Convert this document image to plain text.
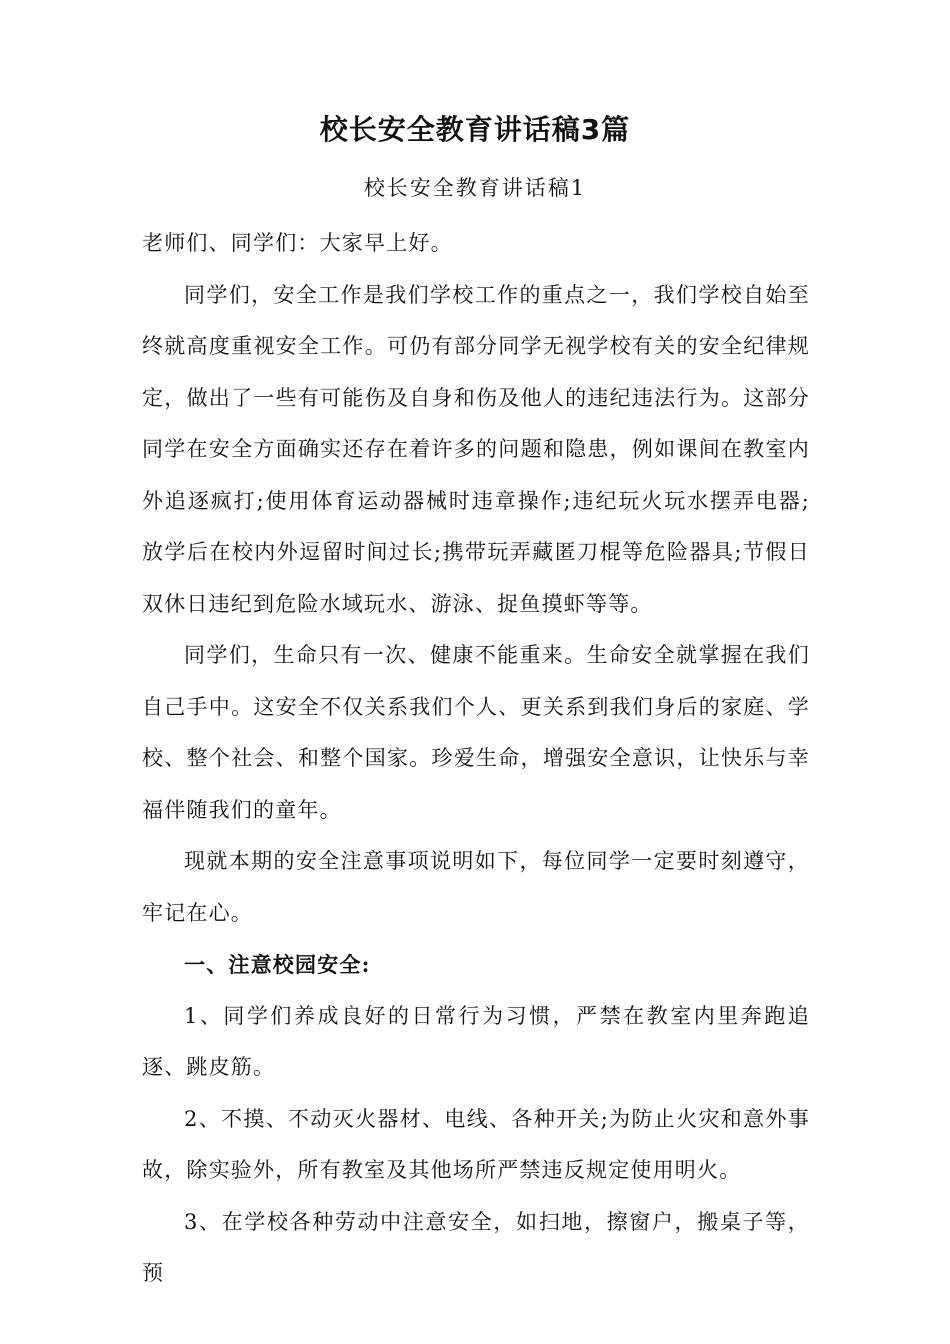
校长安全教育讲话稿3篇
校长安全教育讲话稿1

老师们、同学们：大家早上好。

同学们，安全工作是我们学校工作的重点之一，我们学校自始至终就高度重视安全工作。可仍有部分同学无视学校有关的安全纪律规定，做出了一些有可能伤及自身和伤及他人的违纪违法行为。这部分同学在安全方面确实还存在着许多的问题和隐患，例如课间在教室内外追逐疯打;使用体育运动器械时违章操作;违纪玩火玩水摆弄电器;放学后在校内外逗留时间过长;携带玩弄藏匿刀棍等危险器具;节假日双休日违纪到危险水域玩水、游泳、捉鱼摸虾等等。

同学们，生命只有一次、健康不能重来。生命安全就掌握在我们自己手中。这安全不仅关系我们个人、更关系到我们身后的家庭、学校、整个社会、和整个国家。珍爱生命，增强安全意识，让快乐与幸福伴随我们的童年。

现就本期的安全注意事项说明如下，每位同学一定要时刻遵守，牢记在心。

一、注意校园安全:

1、同学们养成良好的日常行为习惯，严禁在教室内里奔跑追逐、跳皮筋。

2、不摸、不动灭火器材、电线、各种开关;为防止火灾和意外事故，除实验外，所有教室及其他场所严禁违反规定使用明火。

3、在学校各种劳动中注意安全，如扫地，擦窗户，搬桌子等，预
